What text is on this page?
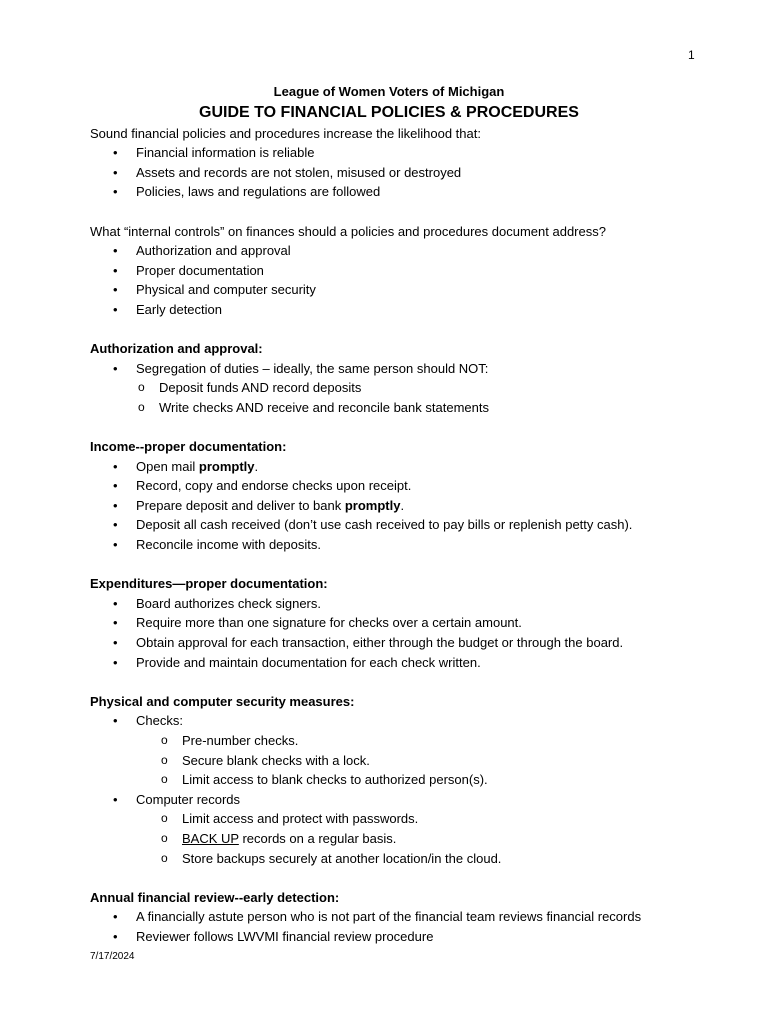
1
League of Women Voters of Michigan
GUIDE TO FINANCIAL POLICIES & PROCEDURES

Sound financial policies and procedures increase the likelihood that:

• Financial information is reliable
• Assets and records are not stolen, misused or destroyed
• Policies, laws and regulations are followed

What “internal controls” on finances should a policies and procedures document address?

• Authorization and approval
• Proper documentation
• Physical and computer security
• Early detection

Authorization and approval:

• Segregation of duties – ideally, the same person should NOT:
o Deposit funds AND record deposits
o Write checks AND receive and reconcile bank statements

Income--proper documentation:

• Open mail promptly.
• Record, copy and endorse checks upon receipt.
• Prepare deposit and deliver to bank promptly.
• Deposit all cash received (don’t use cash received to pay bills or replenish petty cash).
• Reconcile income with deposits.

Expenditures—proper documentation:

• Board authorizes check signers.
• Require more than one signature for checks over a certain amount.
• Obtain approval for each transaction, either through the budget or through the board.
• Provide and maintain documentation for each check written.

Physical and computer security measures:

• Checks:
o Pre-number checks.
o Secure blank checks with a lock.
o Limit access to blank checks to authorized person(s).
• Computer records
o Limit access and protect with passwords.
o BACK UP records on a regular basis.
o Store backups securely at another location/in the cloud.

Annual financial review--early detection:

• A financially astute person who is not part of the financial team reviews financial records
• Reviewer follows LWVMI financial review procedure
7/17/2024
